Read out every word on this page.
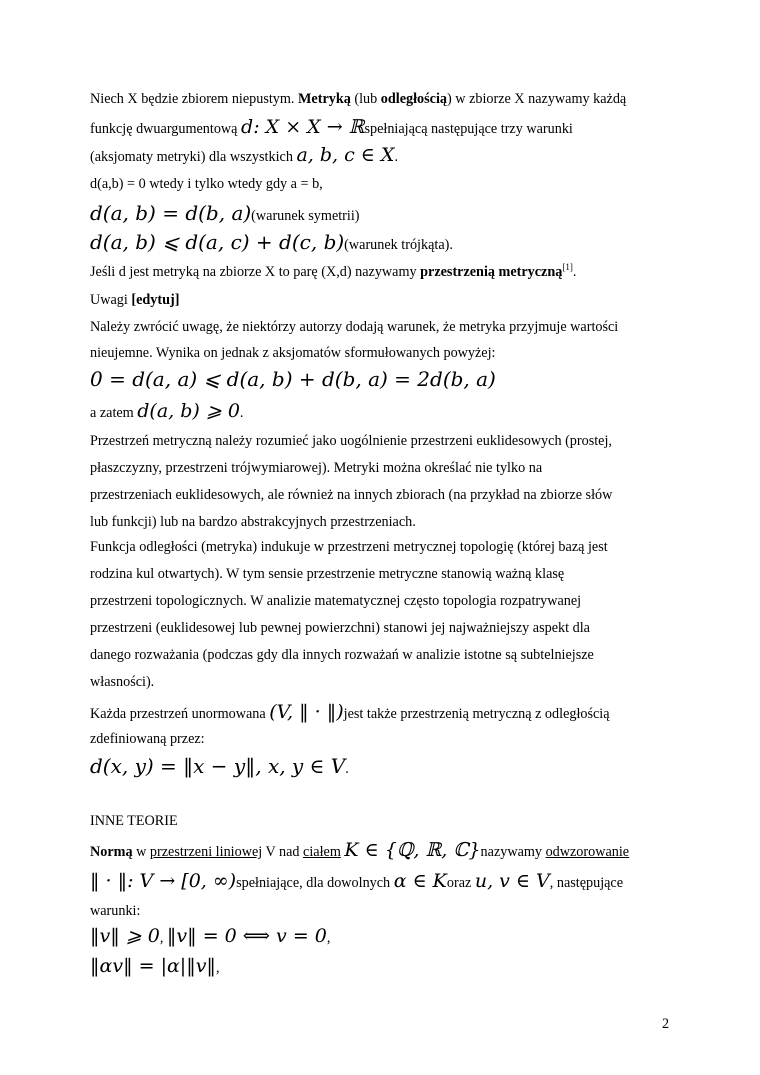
Niech X będzie zbiorem niepustym. Metryką (lub odległością) w zbiorze X nazywamy każdą
funkcję dwuargumentową d: X × X → ℝspełniającą następujące trzy warunki
(aksjomaty metryki) dla wszystkich a, b, c ∈ X.
d(a,b) = 0 wtedy i tylko wtedy gdy a = b,
d(a, b) = d(b, a)(warunek symetrii)
d(a, b) ⩽ d(a, c) + d(c, b)(warunek trójkąta).
Jeśli d jest metryką na zbiorze X to parę (X,d) nazywamy przestrzenią metryczną[1].
Uwagi [edytuj]
Należy zwrócić uwagę, że niektórzy autorzy dodają warunek, że metryka przyjmuje wartości
nieujemne. Wynika on jednak z aksjomatów sformułowanych powyżej:
0 = d(a, a) ⩽ d(a, b) + d(b, a) = 2d(b, a)
a zatem d(a, b) ⩾ 0.
Przestrzeń metryczną należy rozumieć jako uogólnienie przestrzeni euklidesowych (prostej,
płaszczyzny, przestrzeni trójwymiarowej). Metryki można określać nie tylko na
przestrzeniach euklidesowych, ale również na innych zbiorach (na przykład na zbiorze słów
lub funkcji) lub na bardzo abstrakcyjnych przestrzeniach.
Funkcja odległości (metryka) indukuje w przestrzeni metrycznej topologię (której bazą jest
rodzina kul otwartych). W tym sensie przestrzenie metryczne stanowią ważną klasę
przestrzeni topologicznych. W analizie matematycznej często topologia rozpatrywanej
przestrzeni (euklidesowej lub pewnej powierzchni) stanowi jej najważniejszy aspekt dla
danego rozważania (podczas gdy dla innych rozważań w analizie istotne są subtelniejsze
własności).
Każda przestrzeń unormowana (V, ‖ · ‖)jest także przestrzenią metryczną z odległością
zdefiniowaną przez:
d(x, y) = ‖x − y‖, x, y ∈ V.
INNE TEORIE
Normą w przestrzeni liniowej V nad ciałem K ∈ {ℚ, ℝ, ℂ}nazywamy odwzorowanie
‖ · ‖: V → [0, ∞)spełniające, dla dowolnych α ∈ Koraz u, v ∈ V, następujące
warunki:
‖v‖ ⩾ 0, ‖v‖ = 0 ⟺ v = 0,
‖αv‖ = |α|‖v‖,
2
